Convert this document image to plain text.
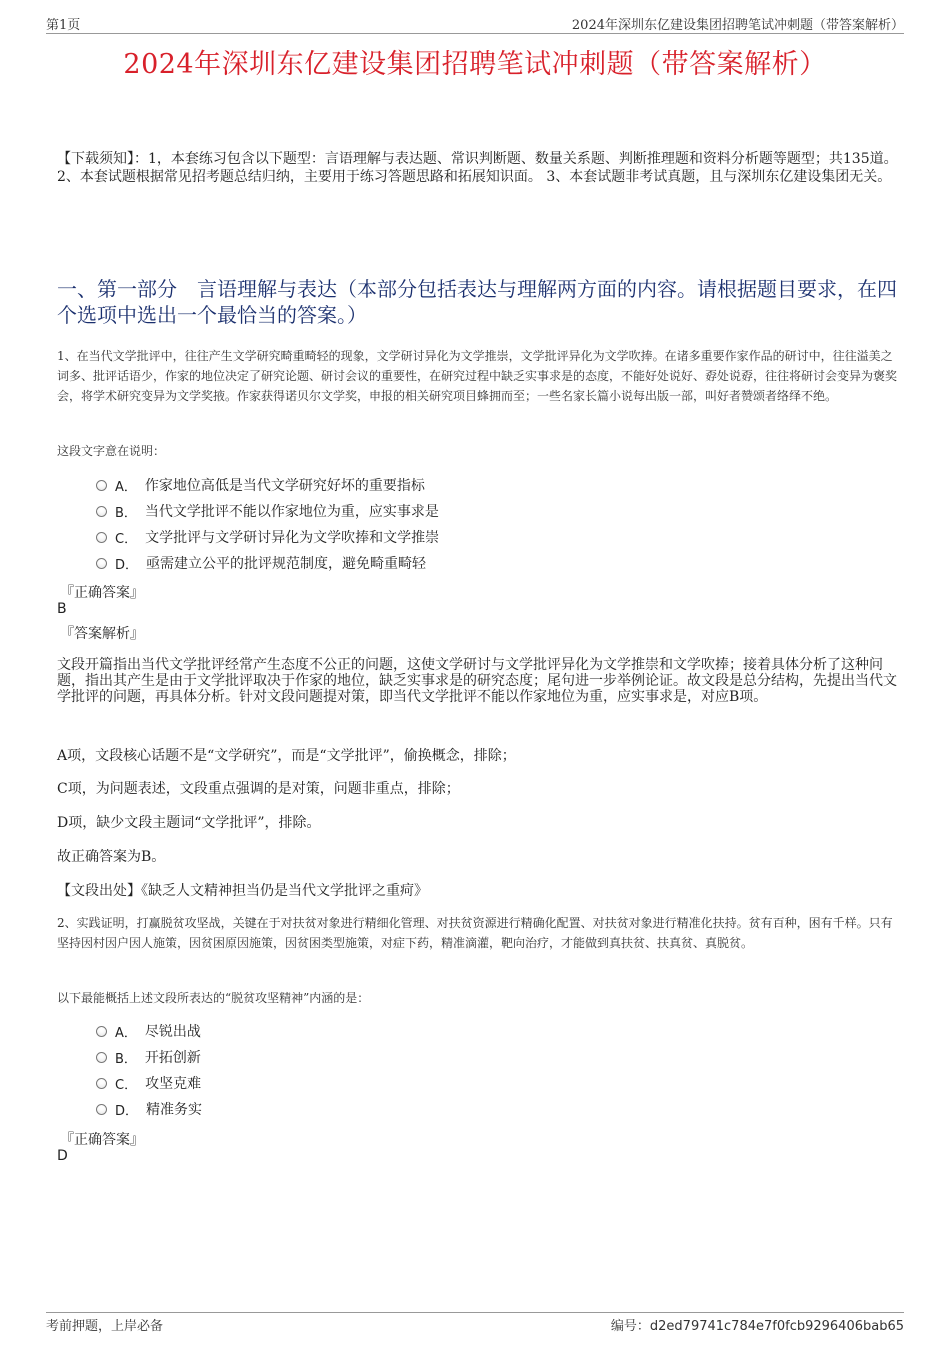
第1页	2024年深圳东亿建设集团招聘笔试冲刺题（带答案解析）
2024年深圳东亿建设集团招聘笔试冲刺题（带答案解析）
【下载须知】：1，本套练习包含以下题型：言语理解与表达题、常识判断题、数量关系题、判断推理题和资料分析题等题型；共135道。 2、本套试题根据常见招考题总结归纳，主要用于练习答题思路和拓展知识面。 3、本套试题非考试真题，且与深圳东亿建设集团无关。
一、第一部分　言语理解与表达（本部分包括表达与理解两方面的内容。请根据题目要求，在四个选项中选出一个最恰当的答案。）
1、在当代文学批评中，往往产生文学研究畸重畸轻的现象，文学研讨异化为文学推崇，文学批评异化为文学吹捧。在诸多重要作家作品的研讨中，往往溢美之词多、批评话语少，作家的地位决定了研究论题、研讨会议的重要性，在研究过程中缺乏实事求是的态度，不能好处说好、孬处说孬，往往将研讨会变异为褒奖会，将学术研究变异为文学奖掖。作家获得诺贝尔文学奖，申报的相关研究项目蜂拥而至；一些名家长篇小说每出版一部，叫好者赞颂者络绎不绝。
这段文字意在说明：
A． 作家地位高低是当代文学研究好坏的重要指标
B． 当代文学批评不能以作家地位为重，应实事求是
C． 文学批评与文学研讨异化为文学吹捧和文学推崇
D． 亟需建立公平的批评规范制度，避免畸重畸轻
『正确答案』
B
『答案解析』
文段开篇指出当代文学批评经常产生态度不公正的问题，这使文学研讨与文学批评异化为文学推崇和文学吹捧；接着具体分析了这种问题，指出其产生是由于文学批评取决于作家的地位，缺乏实事求是的研究态度；尾句进一步举例论证。故文段是总分结构，先提出当代文学批评的问题，再具体分析。针对文段问题提对策，即当代文学批评不能以作家地位为重，应实事求是，对应B项。
A项，文段核心话题不是“文学研究”，而是“文学批评”，偷换概念，排除；
C项，为问题表述，文段重点强调的是对策，问题非重点，排除；
D项，缺少文段主题词“文学批评”，排除。
故正确答案为B。
【文段出处】《缺乏人文精神担当仍是当代文学批评之重疴》
2、实践证明，打赢脱贫攻坚战，关键在于对扶贫对象进行精细化管理、对扶贫资源进行精确化配置、对扶贫对象进行精准化扶持。贫有百种，困有千样。只有坚持因村因户因人施策，因贫困原因施策，因贫困类型施策，对症下药，精准滴灌，靶向治疗，才能做到真扶贫、扶真贫、真脱贫。
以下最能概括上述文段所表达的“脱贫攻坚精神”内涵的是：
A． 尽锐出战
B． 开拓创新
C． 攻坚克难
D． 精准务实
『正确答案』
D
考前押题，上岸必备	编号：d2ed79741c784e7f0fcb9296406bab65
